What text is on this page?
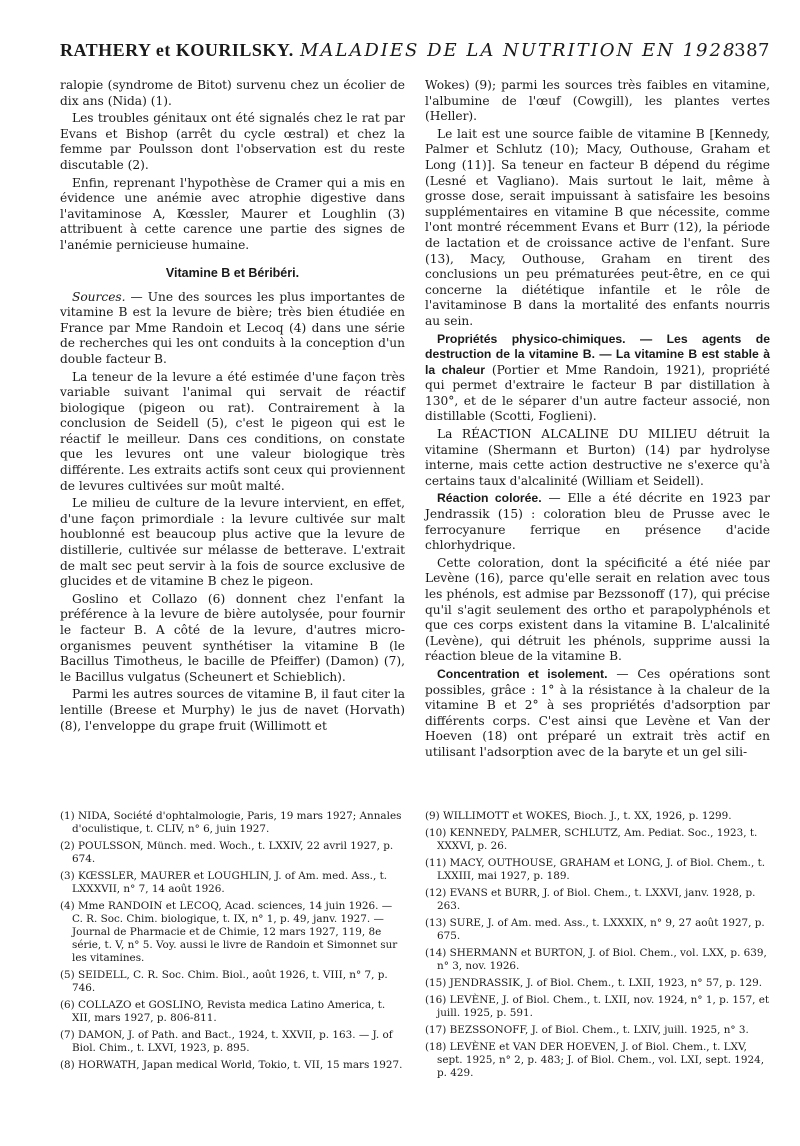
RATHERY et KOURILSKY. MALADIES DE LA NUTRITION EN 1928
387

ralopie (syndrome de Bitot) survenu chez un écolier de dix ans (Nida) (1).

Les troubles génitaux ont été signalés chez le rat par Evans et Bishop (arrêt du cycle œstral) et chez la femme par Poulsson dont l'observation est du reste discutable (2).

Enfin, reprenant l'hypothèse de Cramer qui a mis en évidence une anémie avec atrophie digestive dans l'avitaminose A, Kœssler, Maurer et Loughlin (3) attribuent à cette carence une partie des signes de l'anémie pernicieuse humaine.

Vitamine B et Béribéri.

Sources. — Une des sources les plus importantes de vitamine B est la levure de bière; très bien étudiée en France par Mme Randoin et Lecoq (4) dans une série de recherches qui les ont conduits à la conception d'un double facteur B.

La teneur de la levure a été estimée d'une façon très variable suivant l'animal qui servait de réactif biologique (pigeon ou rat). Contrairement à la conclusion de Seidell (5), c'est le pigeon qui est le réactif le meilleur. Dans ces conditions, on constate que les levures ont une valeur biologique très différente. Les extraits actifs sont ceux qui proviennent de levures cultivées sur moût malté.

Le milieu de culture de la levure intervient, en effet, d'une façon primordiale : la levure cultivée sur malt houblonné est beaucoup plus active que la levure de distillerie, cultivée sur mélasse de betterave. L'extrait de malt sec peut servir à la fois de source exclusive de glucides et de vitamine B chez le pigeon.

Goslino et Collazo (6) donnent chez l'enfant la préférence à la levure de bière autolysée, pour fournir le facteur B. A côté de la levure, d'autres micro-organismes peuvent synthétiser la vitamine B (le Bacillus Timotheus, le bacille de Pfeiffer) (Damon) (7), le Bacillus vulgatus (Scheunert et Schieblich).

Parmi les autres sources de vitamine B, il faut citer la lentille (Breese et Murphy) le jus de navet (Horvath) (8), l'enveloppe du grape fruit (Willimott et

Wokes) (9); parmi les sources très faibles en vitamine, l'albumine de l'œuf (Cowgill), les plantes vertes (Heller).

Le lait est une source faible de vitamine B [Kennedy, Palmer et Schlutz (10); Macy, Outhouse, Graham et Long (11)]. Sa teneur en facteur B dépend du régime (Lesné et Vagliano). Mais surtout le lait, même à grosse dose, serait impuissant à satisfaire les besoins supplémentaires en vitamine B que nécessite, comme l'ont montré récemment Evans et Burr (12), la période de lactation et de croissance active de l'enfant. Sure (13), Macy, Outhouse, Graham en tirent des conclusions un peu prématurées peut-être, en ce qui concerne la diététique infantile et le rôle de l'avitaminose B dans la mortalité des enfants nourris au sein.

Propriétés physico-chimiques. — Les agents de destruction de la vitamine B. — La vitamine B est stable à la chaleur (Portier et Mme Randoin, 1921), propriété qui permet d'extraire le facteur B par distillation à 130°, et de le séparer d'un autre facteur associé, non distillable (Scotti, Foglieni).

La RÉACTION ALCALINE DU MILIEU détruit la vitamine (Shermann et Burton) (14) par hydrolyse interne, mais cette action destructive ne s'exerce qu'à certains taux d'alcalinité (William et Seidell).

Réaction colorée. — Elle a été décrite en 1923 par Jendrassik (15) : coloration bleu de Prusse avec le ferrocyanure ferrique en présence d'acide chlorhydrique.

Cette coloration, dont la spécificité a été niée par Levène (16), parce qu'elle serait en relation avec tous les phénols, est admise par Bezssonoff (17), qui précise qu'il s'agit seulement des ortho et parapolyphénols et que ces corps existent dans la vitamine B. L'alcalinité (Levène), qui détruit les phénols, supprime aussi la réaction bleue de la vitamine B.

Concentration et isolement. — Ces opérations sont possibles, grâce : 1° à la résistance à la chaleur de la vitamine B et 2° à ses propriétés d'adsorption par différents corps. C'est ainsi que Levène et Van der Hoeven (18) ont préparé un extrait très actif en utilisant l'adsorption avec de la baryte et un gel sili-

(1) NIDA, Société d'ophtalmologie, Paris, 19 mars 1927; Annales d'oculistique, t. CLIV, n° 6, juin 1927.

(2) POULSSON, Münch. med. Woch., t. LXXIV, 22 avril 1927, p. 674.

(3) KŒSSLER, MAURER et LOUGHLIN, J. of Am. med. Ass., t. LXXXVII, n° 7, 14 août 1926.

(4) Mme RANDOIN et LECOQ, Acad. sciences, 14 juin 1926. — C. R. Soc. Chim. biologique, t. IX, n° 1, p. 49, janv. 1927. — Journal de Pharmacie et de Chimie, 12 mars 1927, 119, 8e série, t. V, n° 5. Voy. aussi le livre de Randoin et Simonnet sur les vitamines.

(5) SEIDELL, C. R. Soc. Chim. Biol., août 1926, t. VIII, n° 7, p. 746.

(6) COLLAZO et GOSLINO, Revista medica Latino America, t. XII, mars 1927, p. 806-811.

(7) DAMON, J. of Path. and Bact., 1924, t. XXVII, p. 163. — J. of Biol. Chim., t. LXVI, 1923, p. 895.

(8) HORWATH, Japan medical World, Tokio, t. VII, 15 mars 1927.

(9) WILLIMOTT et WOKES, Bioch. J., t. XX, 1926, p. 1299.

(10) KENNEDY, PALMER, SCHLUTZ, Am. Pediat. Soc., 1923, t. XXXVI, p. 26.

(11) MACY, OUTHOUSE, GRAHAM et LONG, J. of Biol. Chem., t. LXXIII, mai 1927, p. 189.

(12) EVANS et BURR, J. of Biol. Chem., t. LXXVI, janv. 1928, p. 263.

(13) SURE, J. of Am. med. Ass., t. LXXXIX, n° 9, 27 août 1927, p. 675.

(14) SHERMANN et BURTON, J. of Biol. Chem., vol. LXX, p. 639, n° 3, nov. 1926.

(15) JENDRASSIK, J. of Biol. Chem., t. LXII, 1923, n° 57, p. 129.

(16) LEVÈNE, J. of Biol. Chem., t. LXII, nov. 1924, n° 1, p. 157, et juill. 1925, p. 591.

(17) BEZSSONOFF, J. of Biol. Chem., t. LXIV, juill. 1925, n° 3.

(18) LEVÈNE et VAN DER HOEVEN, J. of Biol. Chem., t. LXV, sept. 1925, n° 2, p. 483; J. of Biol. Chem., vol. LXI, sept. 1924, p. 429.
